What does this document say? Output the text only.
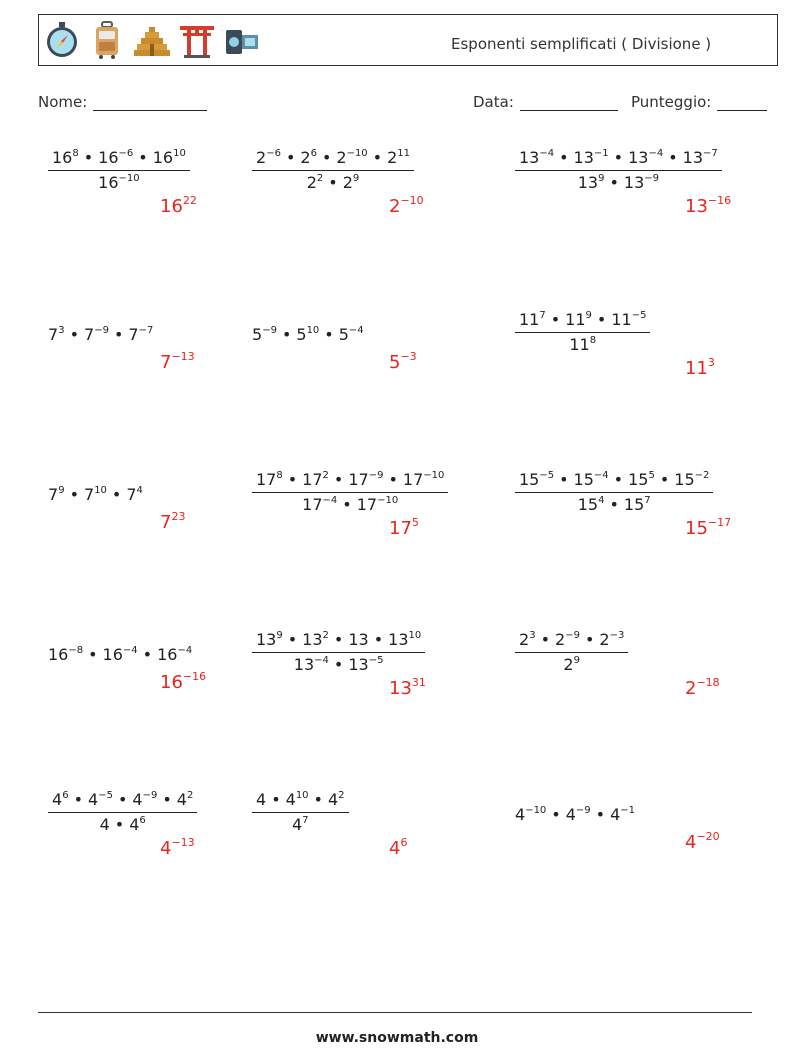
Esponenti semplificati ( Divisione )
Nome:	Data:	Punteggio:
$\frac{16^8 • 16^{-6} • 16^{10}}{16^{-10}}$
$16^{22}$
$\frac{2^{-6} • 2^6 • 2^{-10} • 2^{11}}{2^2 • 2^9}$
$2^{-10}$
$\frac{13^{-4} • 13^{-1} • 13^{-4} • 13^{-7}}{13^9 • 13^{-9}}$
$13^{-16}$
$7^3$ • $7^{-9}$ • $7^{-7}$
$7^{-13}$
$5^{-9}$ • $5^{10}$ • $5^{-4}$
$5^{-3}$
$\frac{11^7 • 11^9 • 11^{-5}}{11^8}$
$11^3$
$7^9$ • $7^{10}$ • $7^4$
$7^{23}$
$\frac{17^8 • 17^2 • 17^{-9} • 17^{-10}}{17^{-4} • 17^{-10}}$
$17^5$
$\frac{15^{-5} • 15^{-4} • 15^5 • 15^{-2}}{15^4 • 15^7}$
$15^{-17}$
$16^{-8}$ • $16^{-4}$ • $16^{-4}$
$16^{-16}$
$\frac{13^9 • 13^2 • 13 • 13^{10}}{13^{-4} • 13^{-5}}$
$13^{31}$
$\frac{2^3 • 2^{-9} • 2^{-3}}{2^9}$
$2^{-18}$
$\frac{4^6 • 4^{-5} • 4^{-9} • 4^2}{4 • 4^6}$
$4^{-13}$
$\frac{4 • 4^{10} • 4^2}{4^7}$
$4^6$
$4^{-10}$ • $4^{-9}$ • $4^{-1}$
$4^{-20}$
www.snowmath.com
